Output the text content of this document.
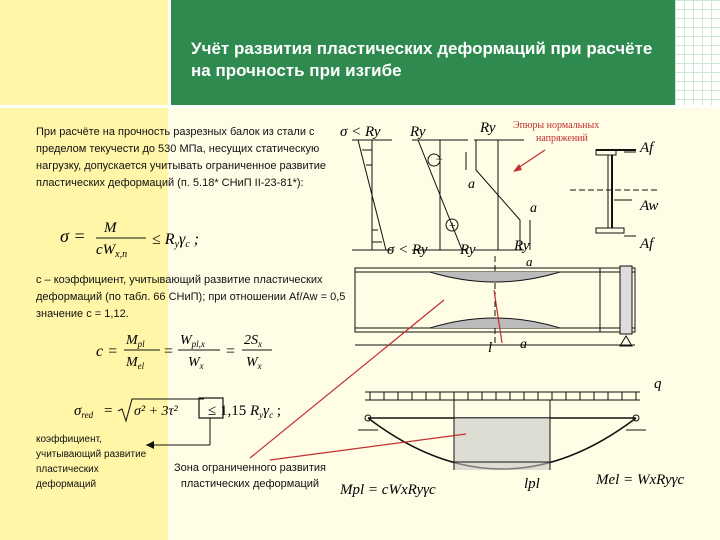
Учёт развития пластических деформаций при расчёте на прочность при изгибе
При расчёте на прочность разрезных балок из стали с пределом текучести до 530 МПа, несущих статическую нагрузку, допускается учитывать ограниченное развитие пластических деформаций (п. 5.18* СНиП II-23-81*):
σ = M
$cW_{x,n}$
≤ Ryγc ;
c – коэффициент, учитывающий развитие пластических деформаций (по табл. 66 СНиП); при отношении Af/Aw = 0,5 значение c = 1,12.
c =
$M_{pl}$
$M_{el}$
=
$W_{pl,x}$
$W_x$
=
$2S_x$
$W_x$
$\sigma_{red} = \sigma^2 + 3\tau^2 \le 1,15$ $R_y\gamma_c$ ;
σ < Ry Ry	Ry
a
a
σ < Ry Ry	Ry
a
−
+
Af
Aw
Af
l a
q
lpl
Mpl = cWxRyγc
Mel = WxRyγc
Эпюры нормальных напряжений
коэффициент, учитывающий развитие пластических деформаций
Зона ограниченного развития пластических деформаций
